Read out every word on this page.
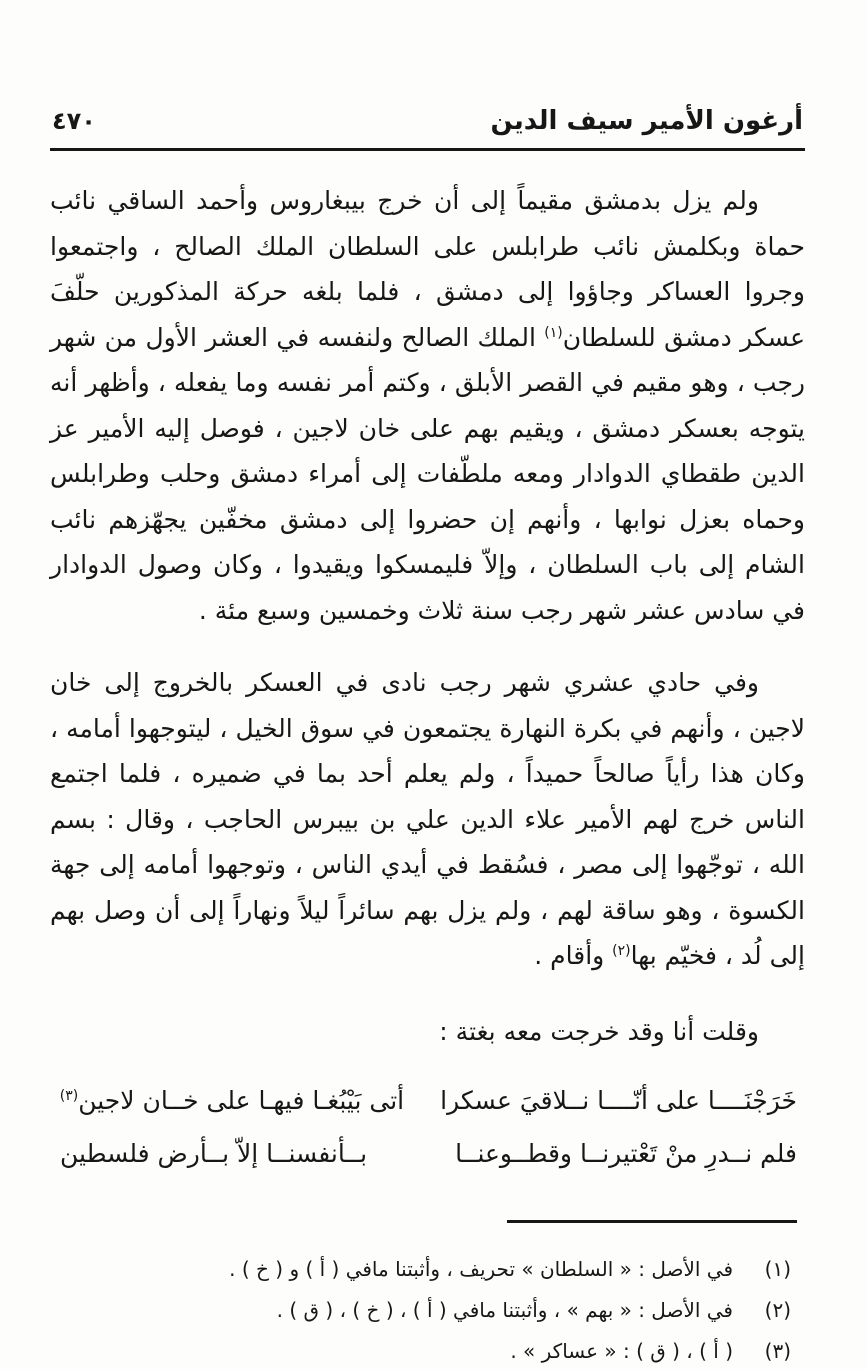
أرغون الأمير سيف الدين
٤٧٠

ولم يزل بدمشق مقيماً إلى أن خرج بيبغاروس وأحمد الساقي نائب حماة وبكلمش نائب طرابلس على السلطان الملك الصالح ، واجتمعوا وجروا العساكر وجاؤوا إلى دمشق ، فلما بلغه حركة المذكورين حلّفَ عسكر دمشق للسلطان$^{(١)}$ الملك الصالح ولنفسه في العشر الأول من شهر رجب ، وهو مقيم في القصر الأبلق ، وكتم أمر نفسه وما يفعله ، وأظهر أنه يتوجه بعسكر دمشق ، ويقيم بهم على خان لاجين ، فوصل إليه الأمير عز الدين طقطاي الدوادار ومعه ملطّفات إلى أمراء دمشق وحلب وطرابلس وحماه بعزل نوابها ، وأنهم إن حضروا إلى دمشق مخفّين يجهّزهم نائب الشام إلى باب السلطان ، وإلاّ فليمسكوا ويقيدوا ، وكان وصول الدوادار في سادس عشر شهر رجب سنة ثلاث وخمسين وسبع مئة .

وفي حادي عشري شهر رجب نادى في العسكر بالخروج إلى خان لاجين ، وأنهم في بكرة النهارة يجتمعون في سوق الخيل ، ليتوجهوا أمامه ، وكان هذا رأياً صالحاً حميداً ، ولم يعلم أحد بما في ضميره ، فلما اجتمع الناس خرج لهم الأمير علاء الدين علي بن بيبرس الحاجب ، وقال : بسم الله ، توجّهوا إلى مصر ، فسُقط في أيدي الناس ، وتوجهوا أمامه إلى جهة الكسوة ، وهو ساقة لهم ، ولم يزل بهم سائراً ليلاً ونهاراً إلى أن وصل بهم إلى لُد ، فخيّم بها$^{(٢)}$ وأقام .

وقلت أنا وقد خرجت معه بغتة :

خَرَجْنَــــا على أنّــــا نــلاقيَ عسكرا
أتى بَيْبُغـا فيهـا على خــان لاجين$^{(٣)}$
فلم نــدرِ منْ تَعْتيرنــا وقطــوعنــا
بــأنفسنــا إلاّ بــأرض فلسطين
(١)
في الأصل : « السلطان » تحريف ، وأثبتنا مافي ( أ ) و ( خ ) .
(٢)
في الأصل : « بهم » ، وأثبتنا مافي ( أ ) ، ( خ ) ، ( ق ) .
(٣)
( أ ) ، ( ق ) : « عساكر » .
